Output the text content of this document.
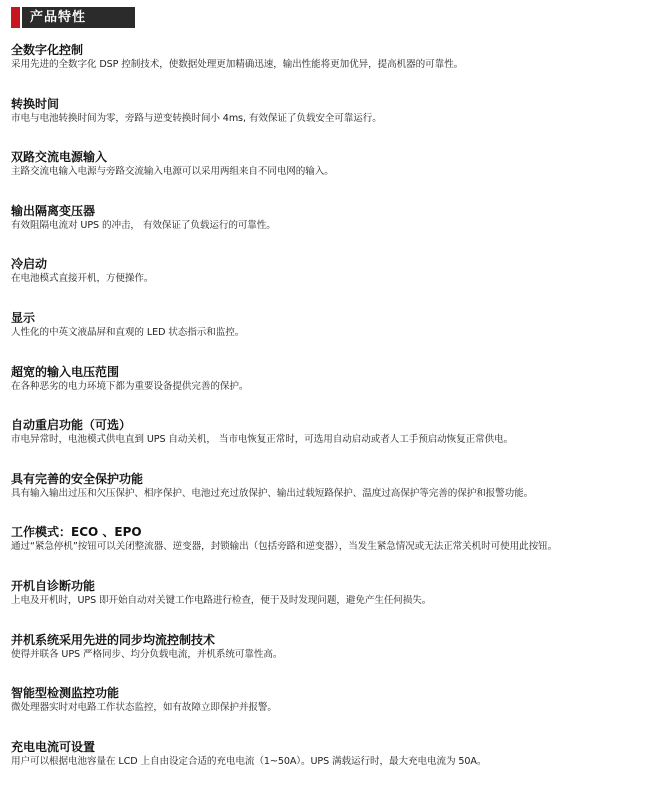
产品特性
全数字化控制
采用先进的全数字化 DSP 控制技术，使数据处理更加精确迅速，输出性能将更加优异，提高机器的可靠性。
转换时间
市电与电池转换时间为零，旁路与逆变转换时间小 4ms, 有效保证了负载安全可靠运行。
双路交流电源输入
主路交流电输入电源与旁路交流输入电源可以采用两组来自不同电网的输入。
输出隔离变压器
有效阻隔电流对 UPS 的冲击， 有效保证了负载运行的可靠性。
冷启动
在电池模式直接开机，方便操作。
显示
人性化的中英文液晶屏和直观的 LED 状态指示和监控。
超宽的输入电压范围
在各种恶劣的电力环境下都为重要设备提供完善的保护。
自动重启功能（可选）
市电异常时，电池模式供电直到 UPS 自动关机， 当市电恢复正常时，可选用自动启动或者人工手预启动恢复正常供电。
具有完善的安全保护功能
具有输入输出过压和欠压保护、相序保护、电池过充过放保护、输出过载短路保护、温度过高保护等完善的保护和报警功能。
工作模式：ECO 、EPO
通过“紧急停机”按钮可以关闭整流器、逆变器，封锁输出（包括旁路和逆变器），当发生紧急情况或无法正常关机时可使用此按钮。
开机自诊断功能
上电及开机时，UPS 即开始自动对关键工作电路进行检查，便于及时发现问题，避免产生任何损失。
并机系统采用先进的同步均流控制技术
使得并联各 UPS 严格同步、均分负载电流，并机系统可靠性高。
智能型检测监控功能
微处理器实时对电路工作状态监控，如有故障立即保护并报警。
充电电流可设置
用户可以根据电池容量在 LCD 上自由设定合适的充电电流（1~50A）。UPS 满载运行时，最大充电电流为 50A。
